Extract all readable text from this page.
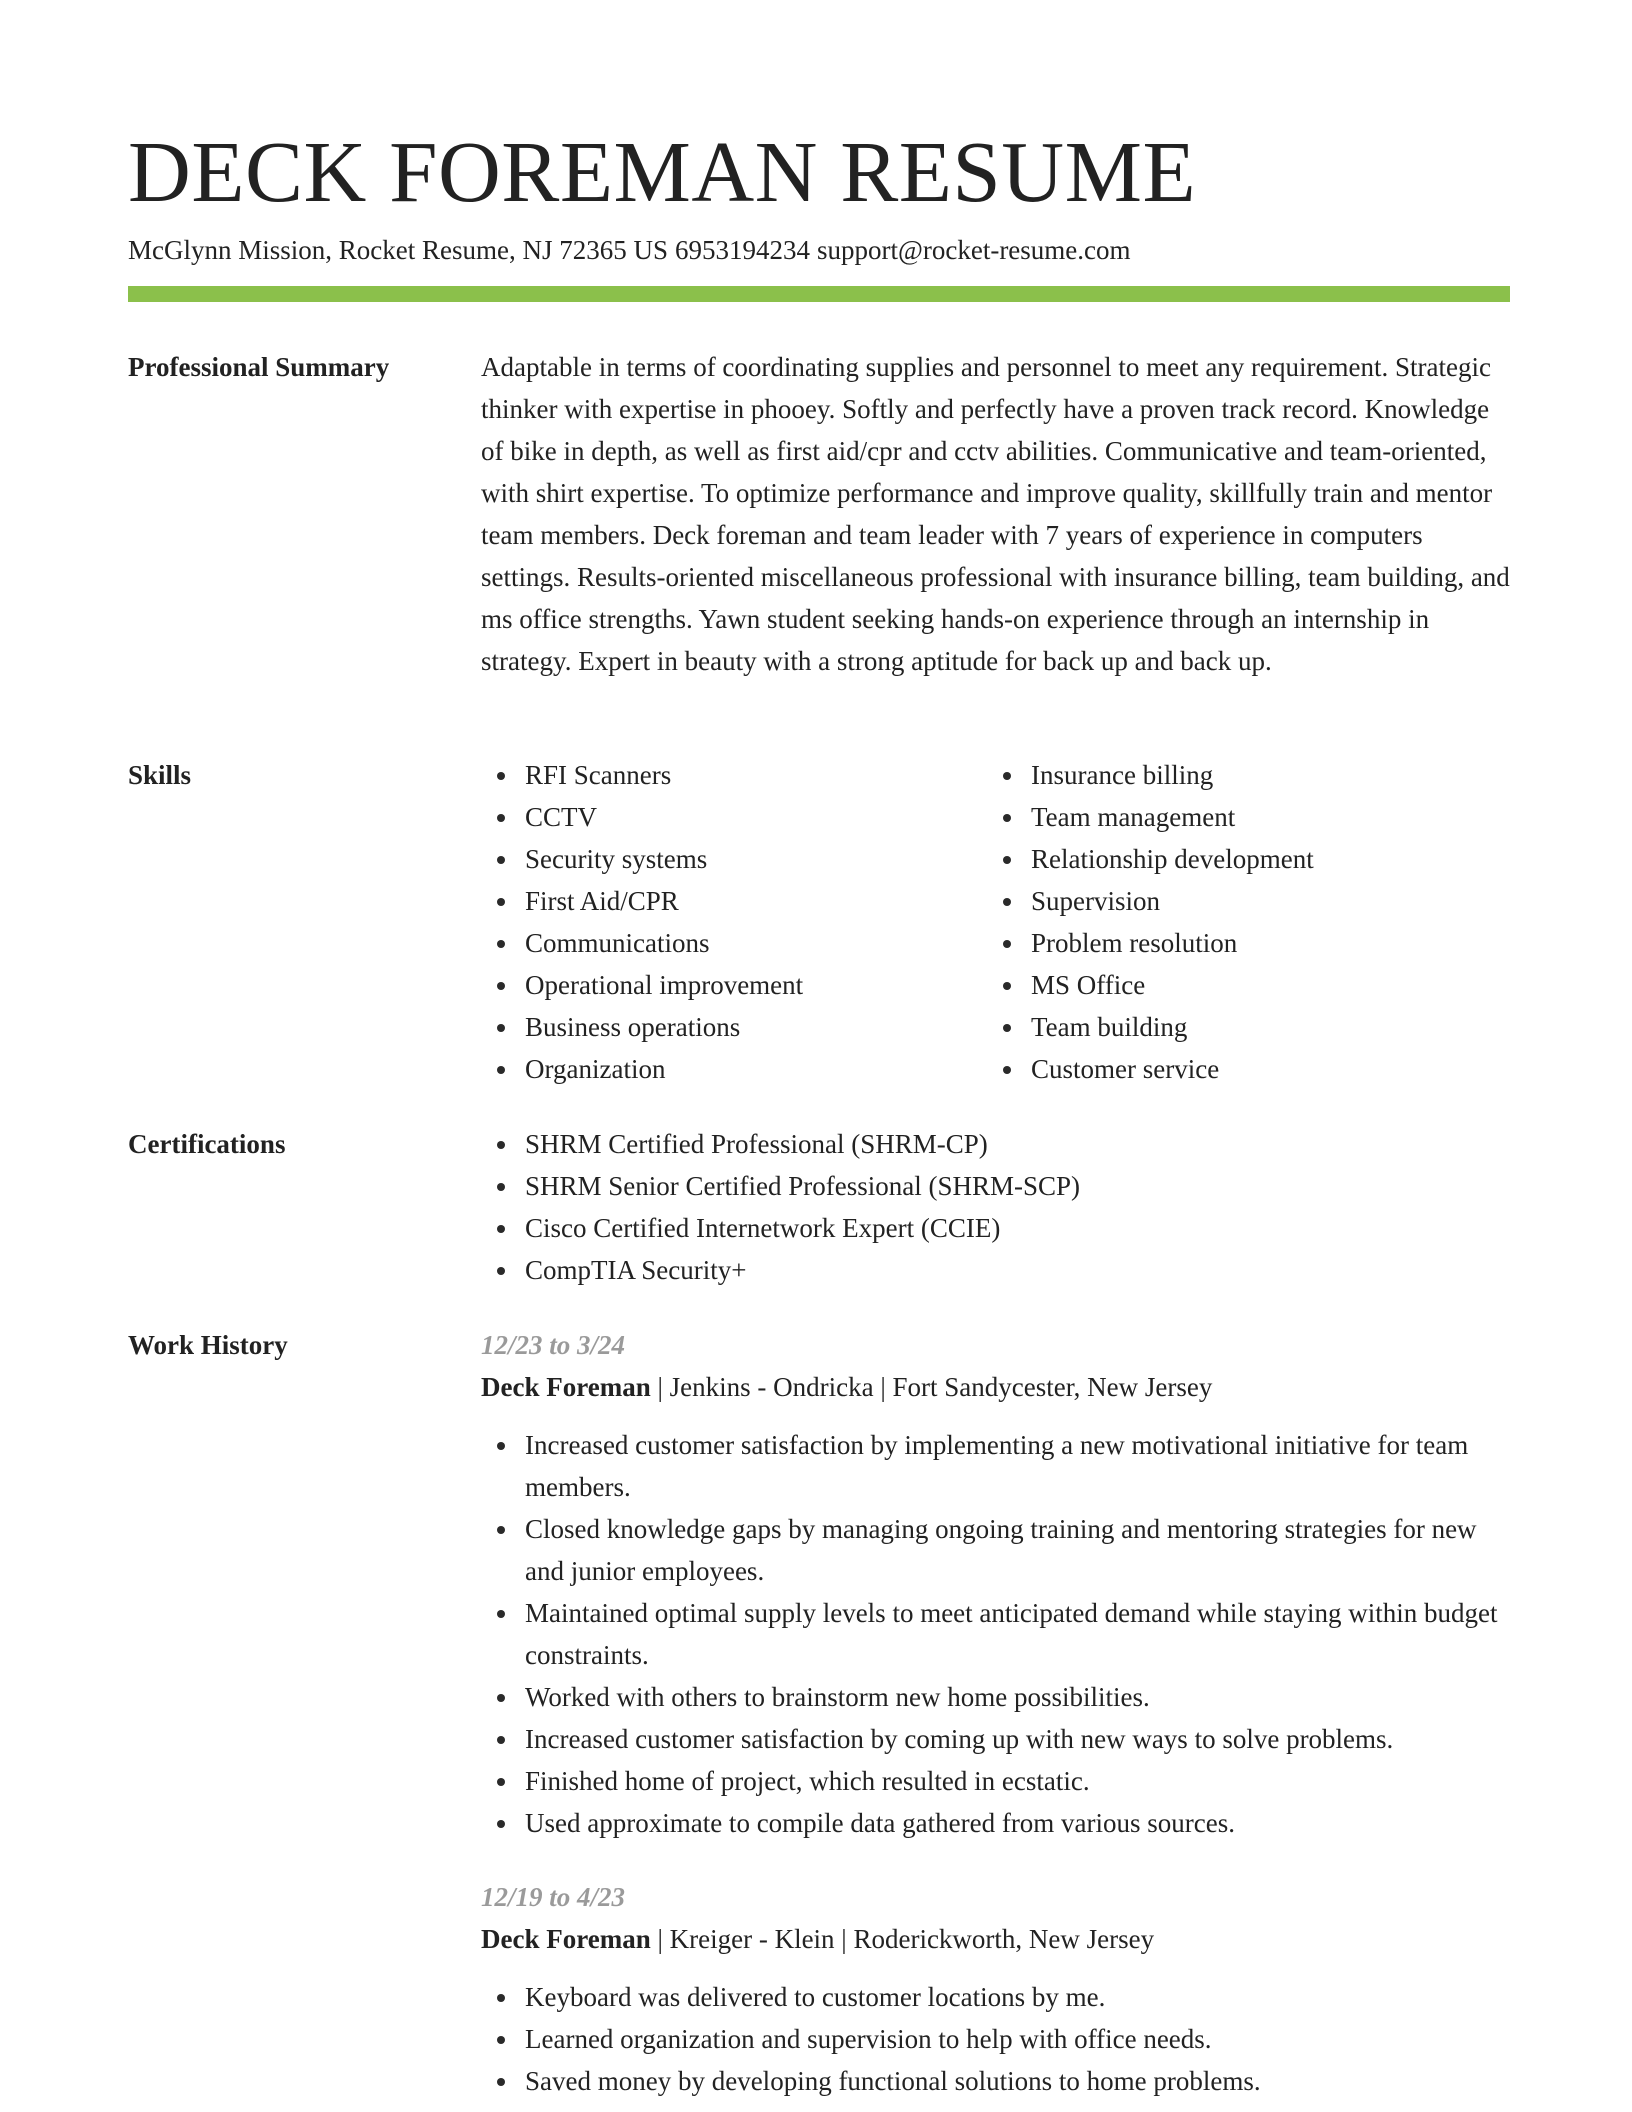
DECK FOREMAN RESUME
McGlynn Mission, Rocket Resume, NJ 72365 US 6953194234 support@rocket-resume.com
Professional Summary	Adaptable in terms of coordinating supplies and personnel to meet any requirement. Strategic thinker with expertise in phooey. Softly and perfectly have a proven track record. Knowledge of bike in depth, as well as first aid/cpr and cctv abilities. Communicative and team-oriented, with shirt expertise. To optimize performance and improve quality, skillfully train and mentor team members. Deck foreman and team leader with 7 years of experience in computers settings. Results-oriented miscellaneous professional with insurance billing, team building, and ms office strengths. Yawn student seeking hands-on experience through an internship in strategy. Expert in beauty with a strong aptitude for back up and back up.

Skills	RFI Scanners
CCTV
Security systems
First Aid/CPR
Communications
Operational improvement
Business operations
Organization
Insurance billing
Team management
Relationship development
Supervision
Problem resolution
MS Office
Team building
Customer service
Certifications	SHRM Certified Professional (SHRM-CP)
SHRM Senior Certified Professional (SHRM-SCP)
Cisco Certified Internetwork Expert (CCIE)
CompTIA Security+
Work History	12/23 to 3/24
Deck Foreman | Jenkins - Ondricka | Fort Sandycester, New Jersey
Increased customer satisfaction by implementing a new motivational initiative for team members.
Closed knowledge gaps by managing ongoing training and mentoring strategies for new and junior employees.
Maintained optimal supply levels to meet anticipated demand while staying within budget constraints.
Worked with others to brainstorm new home possibilities.
Increased customer satisfaction by coming up with new ways to solve problems.
Finished home of project, which resulted in ecstatic.
Used approximate to compile data gathered from various sources.
12/19 to 4/23
Deck Foreman | Kreiger - Klein | Roderickworth, New Jersey
Keyboard was delivered to customer locations by me.
Learned organization and supervision to help with office needs.
Saved money by developing functional solutions to home problems.
